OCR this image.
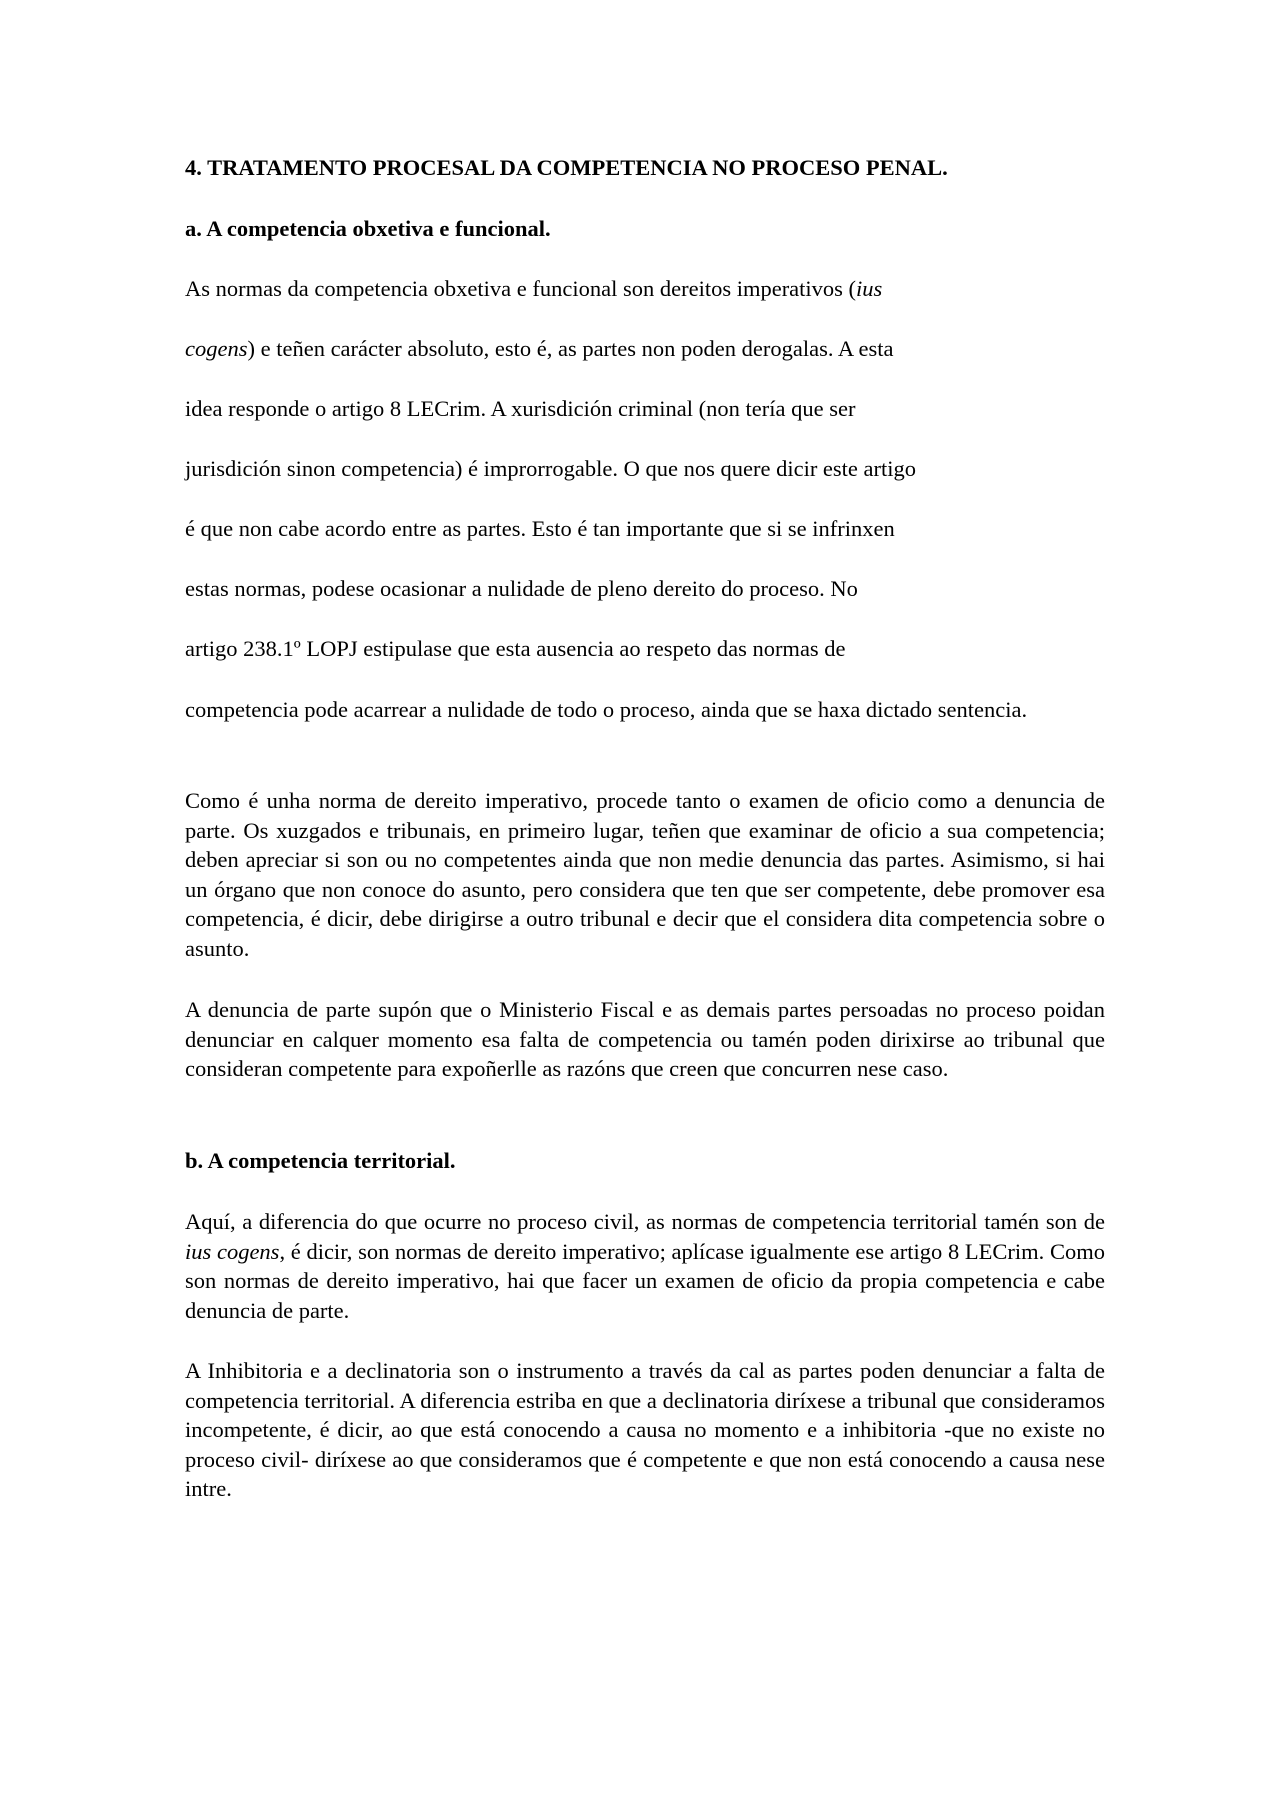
4. TRATAMENTO PROCESAL DA COMPETENCIA NO PROCESO PENAL.
a. A competencia obxetiva e funcional.
As normas da competencia obxetiva e funcional son dereitos imperativos (ius
cogens) e teñen carácter absoluto, esto é, as partes non poden derogalas. A esta
idea responde o artigo 8 LECrim. A xurisdición criminal (non tería que ser
jurisdición sinon competencia) é improrrogable. O que nos quere dicir este artigo
é que non cabe acordo entre as partes. Esto é tan importante que si se infrinxen
estas normas, podese ocasionar a nulidade de pleno dereito do proceso. No
artigo 238.1º LOPJ estipulase que esta ausencia ao respeto das normas de
competencia pode acarrear a nulidade de todo o proceso, ainda que se haxa dictado sentencia.
Como é unha norma de dereito imperativo, procede tanto o examen de oficio como a denuncia de parte. Os xuzgados e tribunais, en primeiro lugar, teñen que examinar de oficio a sua competencia; deben apreciar si son ou no competentes ainda que non medie denuncia das partes. Asimismo, si hai un órgano que non conoce do asunto, pero considera que ten que ser competente, debe promover esa competencia, é dicir, debe dirigirse a outro tribunal e decir que el considera dita competencia sobre o asunto.
A denuncia de parte supón que o Ministerio Fiscal e as demais partes persoadas no proceso poidan denunciar en calquer momento esa falta de competencia ou tamén poden dirixirse ao tribunal que consideran competente para expoñerlle as razóns que creen que concurren nese caso.
b. A competencia territorial.
Aquí, a diferencia do que ocurre no proceso civil, as normas de competencia territorial tamén son de ius cogens, é dicir, son normas de dereito imperativo; aplícase igualmente ese artigo 8 LECrim. Como son normas de dereito imperativo, hai que facer un examen de oficio da propia competencia e cabe denuncia de parte.
A Inhibitoria e a declinatoria son o instrumento a través da cal as partes poden denunciar a falta de competencia territorial. A diferencia estriba en que a declinatoria diríxese a tribunal que consideramos incompetente, é dicir, ao que está conocendo a causa no momento e a inhibitoria -que no existe no proceso civil- diríxese ao que consideramos que é competente e que non está conocendo a causa nese intre.
